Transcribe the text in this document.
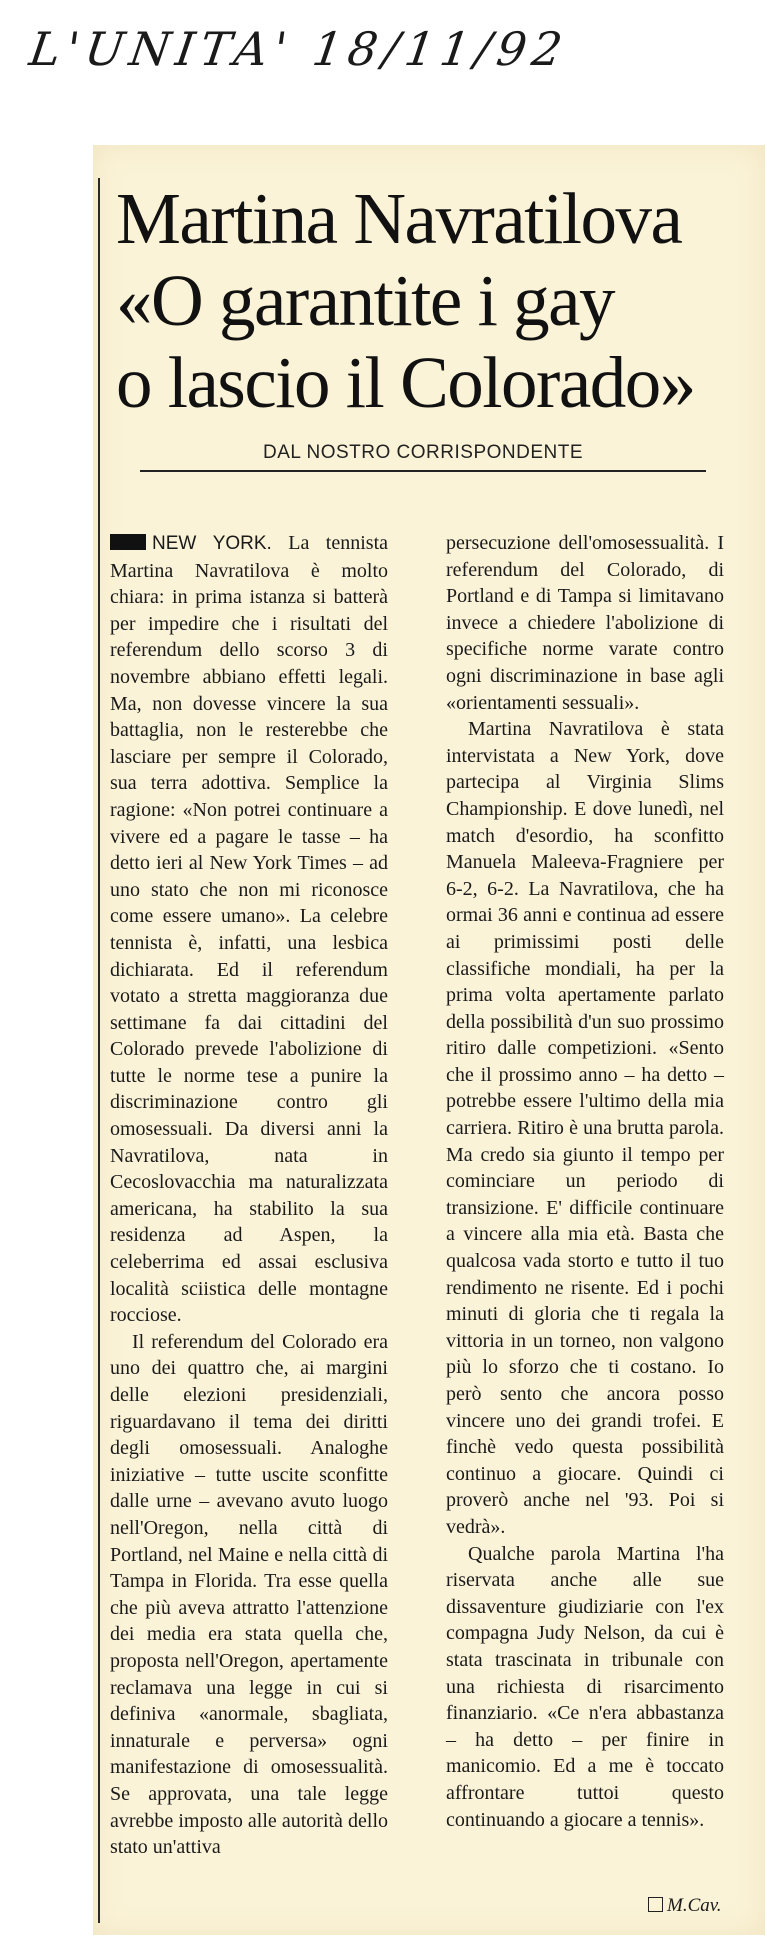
L'UNITA' 18/11/92
Martina Navratilova
«O garantite i gay
o lascio il Colorado»
DAL NOSTRO CORRISPONDENTE

NEW YORK. La tennista Martina Navratilova è molto chiara: in prima istanza si batterà per impedire che i risultati del referendum dello scorso 3 di novembre abbiano effetti legali. Ma, non dovesse vincere la sua battaglia, non le resterebbe che lasciare per sempre il Colorado, sua terra adottiva. Semplice la ragione: «Non potrei continuare a vivere ed a pagare le tasse – ha detto ieri al New York Times – ad uno stato che non mi riconosce come essere umano». La celebre tennista è, infatti, una lesbica dichiarata. Ed il referendum votato a stretta maggioranza due settimane fa dai cittadini del Colorado prevede l'abolizione di tutte le norme tese a punire la discriminazione contro gli omosessuali. Da diversi anni la Navratilova, nata in Cecoslovacchia ma naturalizzata americana, ha stabilito la sua residenza ad Aspen, la celeberrima ed assai esclusiva località sciistica delle montagne rocciose.

Il referendum del Colorado era uno dei quattro che, ai margini delle elezioni presidenziali, riguardavano il tema dei diritti degli omosessuali. Analoghe iniziative – tutte uscite sconfitte dalle urne – avevano avuto luogo nell'Oregon, nella città di Portland, nel Maine e nella città di Tampa in Florida. Tra esse quella che più aveva attratto l'attenzione dei media era stata quella che, proposta nell'Oregon, apertamente reclamava una legge in cui si definiva «anormale, sbagliata, innaturale e perversa» ogni manifestazione di omosessualità. Se approvata, una tale legge avrebbe imposto alle autorità dello stato un'attiva

persecuzione dell'omosessualità. I referendum del Colorado, di Portland e di Tampa si limitavano invece a chiedere l'abolizione di specifiche norme varate contro ogni discriminazione in base agli «orientamenti sessuali».

Martina Navratilova è stata intervistata a New York, dove partecipa al Virginia Slims Championship. E dove lunedì, nel match d'esordio, ha sconfitto Manuela Maleeva-Fragniere per 6-2, 6-2. La Navratilova, che ha ormai 36 anni e continua ad essere ai primissimi posti delle classifiche mondiali, ha per la prima volta apertamente parlato della possibilità d'un suo prossimo ritiro dalle competizioni. «Sento che il prossimo anno – ha detto – potrebbe essere l'ultimo della mia carriera. Ritiro è una brutta parola. Ma credo sia giunto il tempo per cominciare un periodo di transizione. E' difficile continuare a vincere alla mia età. Basta che qualcosa vada storto e tutto il tuo rendimento ne risente. Ed i pochi minuti di gloria che ti regala la vittoria in un torneo, non valgono più lo sforzo che ti costano. Io però sento che ancora posso vincere uno dei grandi trofei. E finchè vedo questa possibilità continuo a giocare. Quindi ci proverò anche nel '93. Poi si vedrà».

Qualche parola Martina l'ha riservata anche alle sue dissaventure giudiziarie con l'ex compagna Judy Nelson, da cui è stata trascinata in tribunale con una richiesta di risarcimento finanziario. «Ce n'era abbastanza – ha detto – per finire in manicomio. Ed a me è toccato affrontare tuttoi questo continuando a giocare a tennis».

M.Cav.
